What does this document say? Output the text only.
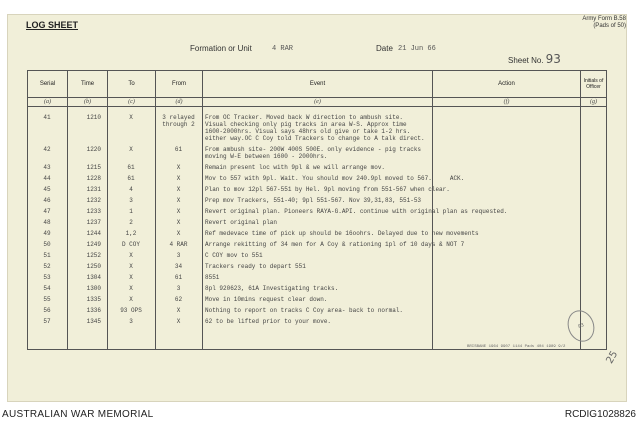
LOG SHEET
Formation or Unit	4 RAR	Date 21 Jun 66
Army Form B.58
(Pads of 50)
Sheet No. 93
Serial	Time	To	From	Event	Action	Initials of Officer
(a)	(b)	(c)	(d)	(e)	(f)	(g)

41	1210	X	3 relayed through 2
From OC Tracker. Moved back W direction to ambush site.
Visual checking only pig tracks in area W-S. Approx time
1600-2000hrs. Visual says 48hrs old give or take 1-2 hrs.
either way.OC C Coy told Trackers to change to A talk direct.
42	1220	X	61	From ambush site- 200W 400S 500E. only evidence - pig tracks
moving W-E between 1600 - 2000hrs.
43	1215	61	X	Remain present loc with 9pl & we will arrange mov.
44	1228	61	X	Mov to 557 with 9pl. Wait. You should mov 240.9pl moved to 567.     ACK.
45	1231	4	X	Plan to mov 12pl 567-551 by Hel. 9pl moving from 551-567 when clear.
46	1232	3	X	Prep mov Trackers, 551-40; 9pl 551-567. Nov 39,31,83, 551-53
47	1233	1	X	Revert original plan. Pioneers RAYA-G.API. continue with original plan as requested.
48	1237	2	X	Revert original plan
49	1244	1,2	X	Ref medevace time of pick up should be 16oohrs. Delayed due to new movements
50	1249	D COY	4 RAR	Arrange rekitting of 34 men for A Coy & rationing 1pl of 10 days & NOT 7
51	1252	X	3	C COY mov to 551
52	1250	X	34	Trackers ready to depart 551
53	1304	X	61	8551
54	1300	X	3	8pl 920623, 61A Investigating tracks.
55	1335	X	62	Move in 10mins request clear down.
56	1336	93 OPS	X	Nothing to report on tracks C Coy area- back to normal.
57	1345	3	X	62 to be lifted prior to your move.
BRISBANE 1964 9907 1144 Pads 404 1989 9/2
93
25
AUSTRALIAN WAR MEMORIAL	RCDIG1028826
